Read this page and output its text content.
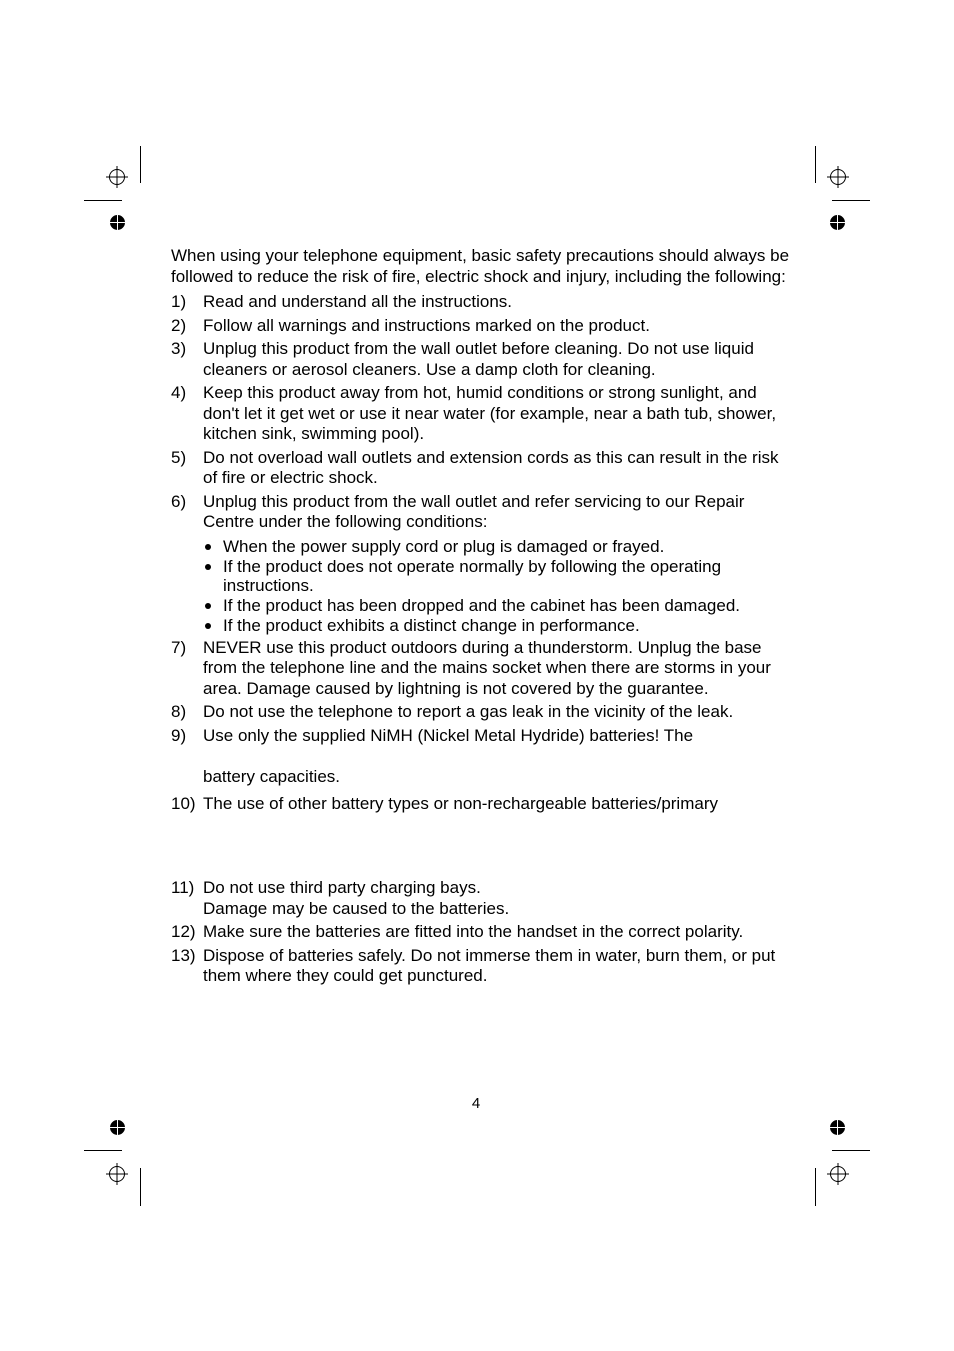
When using your telephone equipment, basic safety precautions should always be followed to reduce the risk of fire, electric shock and injury, including the following:

1) Read and understand all the instructions.
2) Follow all warnings and instructions marked on the product.
3) Unplug this product from the wall outlet before cleaning. Do not use liquid cleaners or aerosol cleaners. Use a damp cloth for cleaning.
4) Keep this product away from hot, humid conditions or strong sunlight, and don't let it get wet or use it near water (for example, near a bath tub, shower, kitchen sink, swimming pool).
5) Do not overload wall outlets and extension cords as this can result in the risk of fire or electric shock.
6) Unplug this product from the wall outlet and refer servicing to our Repair Centre under the following conditions:
When the power supply cord or plug is damaged or frayed.
If the product does not operate normally by following the operating instructions.
If the product has been dropped and the cabinet has been damaged.
If the product exhibits a distinct change in performance.
7) NEVER use this product outdoors during a thunderstorm. Unplug the base from the telephone line and the mains socket when there are storms in your area. Damage caused by lightning is not covered by the guarantee.
8) Do not use the telephone to report a gas leak in the vicinity of the leak.
9) Use only the supplied NiMH (Nickel Metal Hydride) batteries! The
battery capacities.
10) The use of other battery types or non-rechargeable batteries/primary
11) Do not use third party charging bays.
Damage may be caused to the batteries.
12) Make sure the batteries are fitted into the handset in the correct polarity.
13) Dispose of batteries safely. Do not immerse them in water, burn them, or put them where they could get punctured.
4
